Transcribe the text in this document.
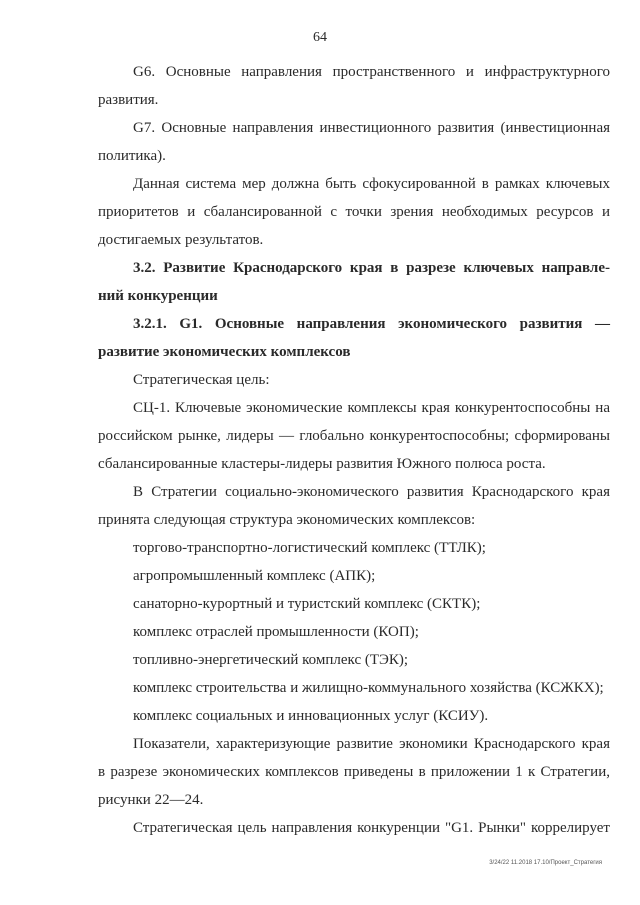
64
G6. Основные направления пространственного и инфраструктурного
развития.
G7. Основные направления инвестиционного развития (инвестиционная
политика).
Данная система мер должна быть сфокусированной в рамках ключевых
приоритетов и сбалансированной с точки зрения необходимых ресурсов и
достигаемых результатов.
3.2. Развитие Краснодарского края в разрезе ключевых направле-
ний конкуренции
3.2.1. G1. Основные направления экономического развития —
развитие экономических комплексов
Стратегическая цель:
СЦ-1. Ключевые экономические комплексы края конкурентоспособны на
российском рынке, лидеры — глобально конкурентоспособны; сформированы
сбалансированные кластеры-лидеры развития Южного полюса роста.
В Стратегии социально-экономического развития Краснодарского края
принята следующая структура экономических комплексов:
торгово-транспортно-логистический комплекс (ТТЛК);
агропромышленный комплекс (АПК);
санаторно-курортный и туристский комплекс (СКТК);
комплекс отраслей промышленности (КОП);
топливно-энергетический комплекс (ТЭК);
комплекс строительства и жилищно-коммунального хозяйства (КСЖКХ);
комплекс социальных и инновационных услуг (КСИУ).
Показатели, характеризующие развитие экономики Краснодарского края
в разрезе экономических комплексов приведены в приложении 1 к Стратегии,
рисунки 22—24.
Стратегическая цель направления конкуренции "G1. Рынки" коррелирует
3/24/22 11.2018 17.10/Проект_Стратегия
